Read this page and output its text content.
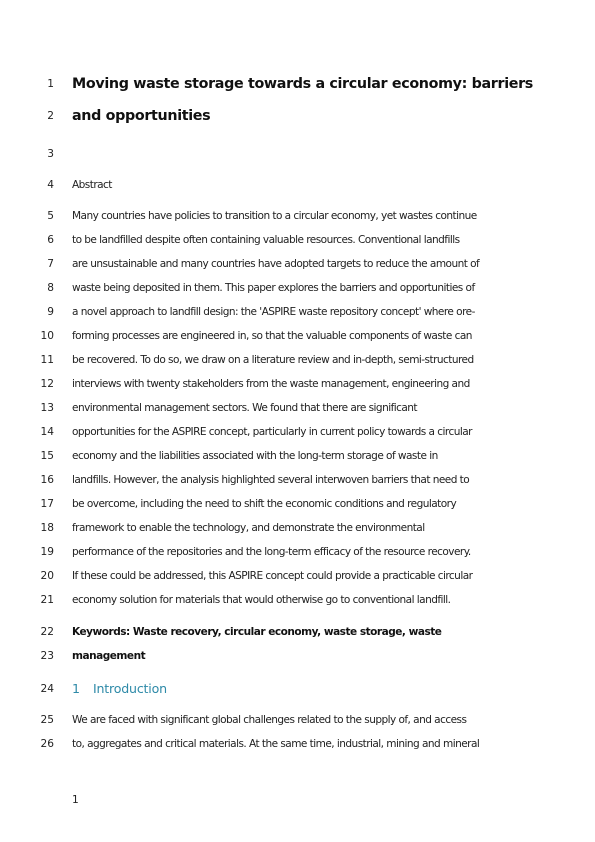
1 Moving waste storage towards a circular economy: barriers
2 and opportunities
3
4 Abstract
5 Many countries have policies to transition to a circular economy, yet wastes continue
6 to be landfilled despite often containing valuable resources. Conventional landfills
7 are unsustainable and many countries have adopted targets to reduce the amount of
8 waste being deposited in them. This paper explores the barriers and opportunities of
9 a novel approach to landfill design: the 'ASPIRE waste repository concept' where ore-
10 forming processes are engineered in, so that the valuable components of waste can
11 be recovered. To do so, we draw on a literature review and in-depth, semi-structured
12 interviews with twenty stakeholders from the waste management, engineering and
13 environmental management sectors. We found that there are significant
14 opportunities for the ASPIRE concept, particularly in current policy towards a circular
15 economy and the liabilities associated with the long-term storage of waste in
16 landfills. However, the analysis highlighted several interwoven barriers that need to
17 be overcome, including the need to shift the economic conditions and regulatory
18 framework to enable the technology, and demonstrate the environmental
19 performance of the repositories and the long-term efficacy of the resource recovery.
20 If these could be addressed, this ASPIRE concept could provide a practicable circular
21 economy solution for materials that would otherwise go to conventional landfill.
22 Keywords: Waste recovery, circular economy, waste storage, waste
23 management
24 1 Introduction
25 We are faced with significant global challenges related to the supply of, and access
26 to, aggregates and critical materials. At the same time, industrial, mining and mineral
1
